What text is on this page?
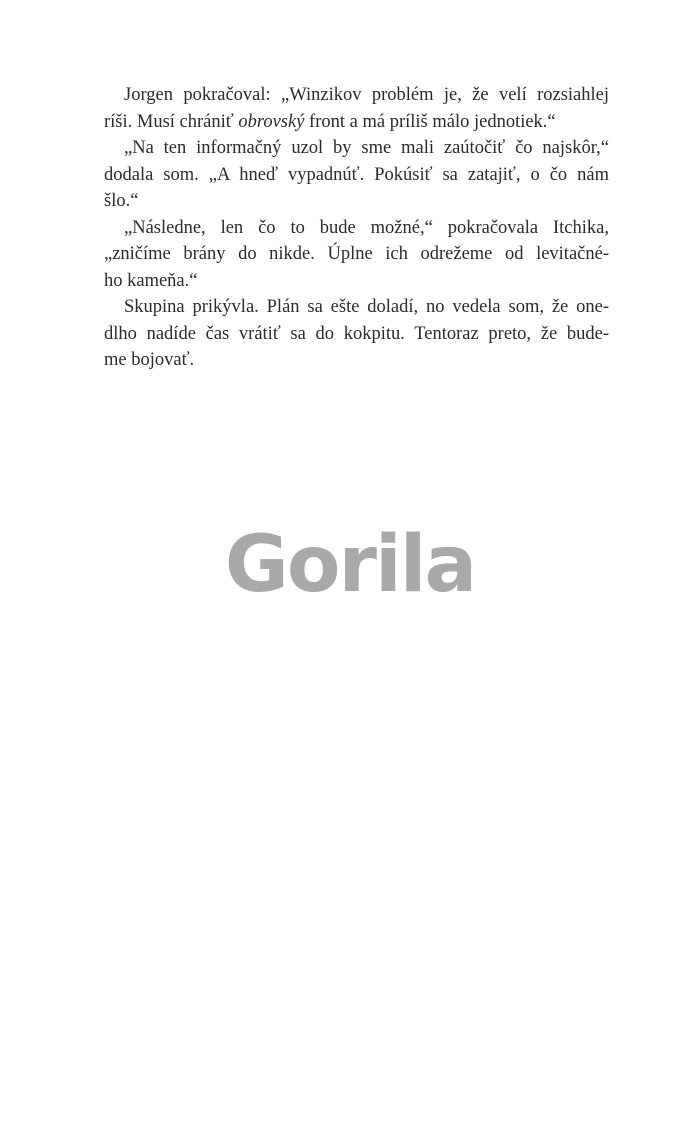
Jorgen pokračoval: „Winzikov problém je, že velí rozsiahlej
ríši. Musí chrániť obrovský front a má príliš málo jednotiek.“
„Na ten informačný uzol by sme mali zaútočiť čo najskôr,“
dodala som. „A hneď vypadnúť. Pokúsiť sa zatajiť, o čo nám
šlo.“
„Následne, len čo to bude možné,“ pokračovala Itchika,
„zničíme brány do nikde. Úplne ich odrežeme od levitačné-
ho kameňa.“
Skupina prikývla. Plán sa ešte doladí, no vedela som, že one-
dlho nadíde čas vrátiť sa do kokpitu. Tentoraz preto, že bude-
me bojovať.
Gorila
